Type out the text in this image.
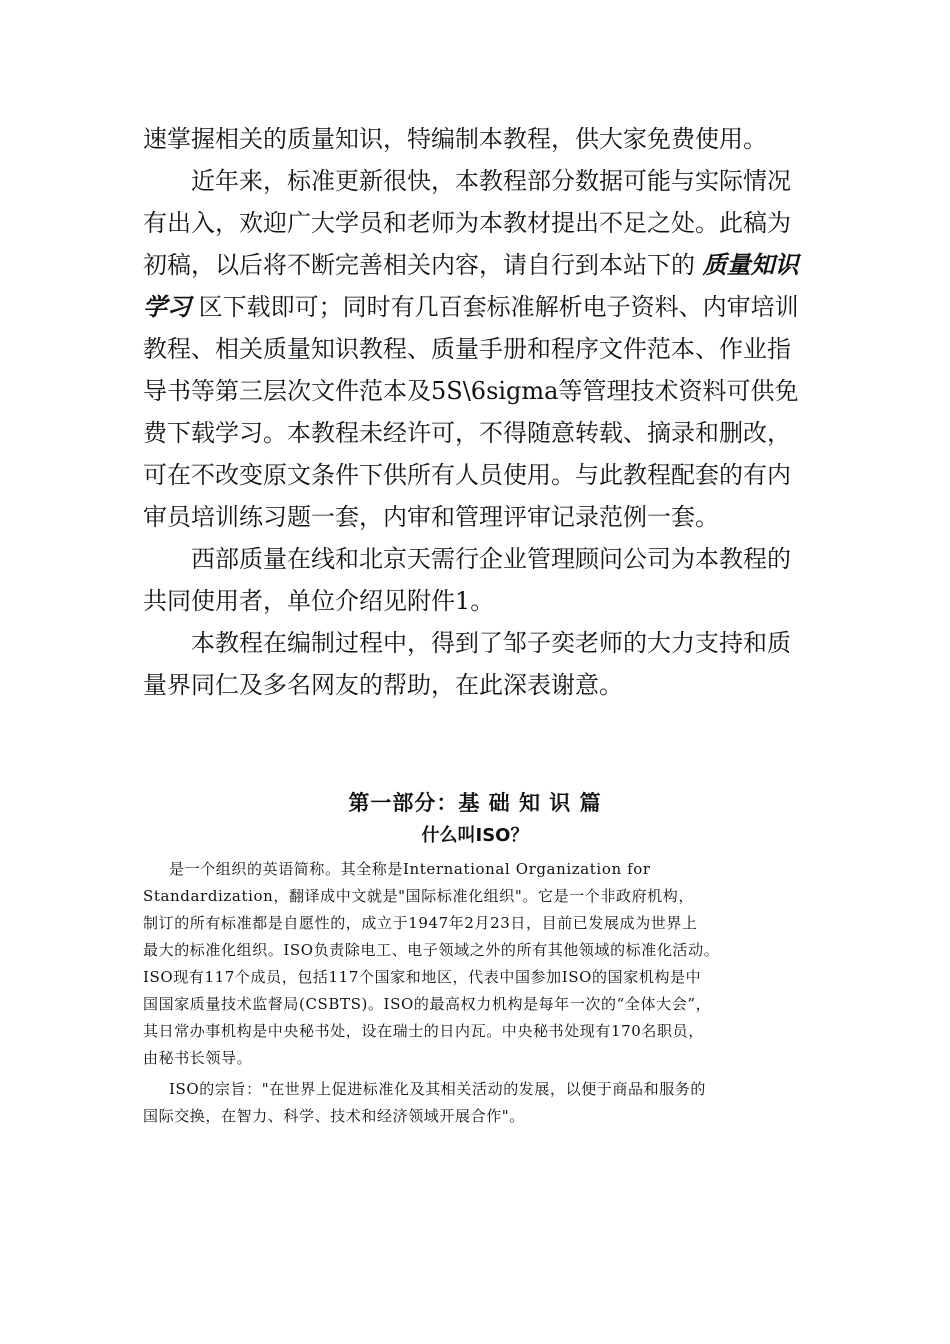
速掌握相关的质量知识，特编制本教程，供大家免费使用。
近年来，标准更新很快，本教程部分数据可能与实际情况
有出入，欢迎广大学员和老师为本教材提出不足之处。此稿为
初稿，以后将不断完善相关内容，请自行到本站下的 质量知识
学习 区下载即可；同时有几百套标准解析电子资料、内审培训
教程、相关质量知识教程、质量手册和程序文件范本、作业指
导书等第三层次文件范本及5S\6sigma等管理技术资料可供免
费下载学习。本教程未经许可，不得随意转载、摘录和删改，
可在不改变原文条件下供所有人员使用。与此教程配套的有内
审员培训练习题一套，内审和管理评审记录范例一套。
西部质量在线和北京天需行企业管理顾问公司为本教程的
共同使用者，单位介绍见附件1。
本教程在编制过程中，得到了邹子奕老师的大力支持和质
量界同仁及多名网友的帮助，在此深表谢意。
第一部分：基 础 知 识 篇
什么叫ISO？
是一个组织的英语简称。其全称是International Organization for
Standardization，翻译成中文就是"国际标准化组织"。它是一个非政府机构，
制订的所有标准都是自愿性的，成立于1947年2月23日，目前已发展成为世界上
最大的标准化组织。ISO负责除电工、电子领域之外的所有其他领域的标准化活动。
ISO现有117个成员，包括117个国家和地区，代表中国参加ISO的国家机构是中
国国家质量技术监督局(CSBTS)。ISO的最高权力机构是每年一次的“全体大会”，
其日常办事机构是中央秘书处，设在瑞士的日内瓦。中央秘书处现有170名职员，
由秘书长领导。
ISO的宗旨："在世界上促进标准化及其相关活动的发展，以便于商品和服务的
国际交换，在智力、科学、技术和经济领域开展合作"。
